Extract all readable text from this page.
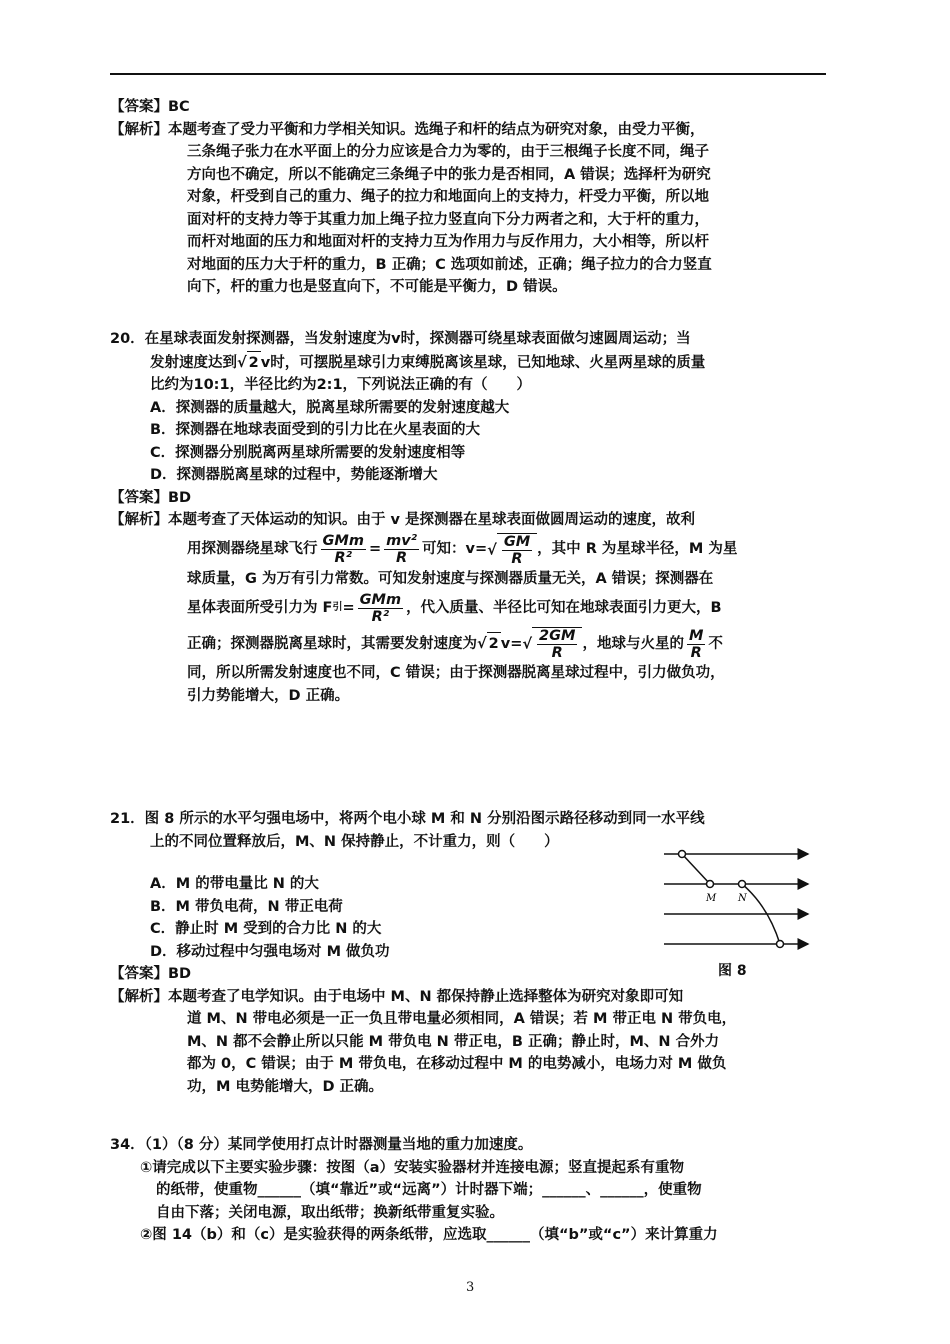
【答案】BC
【解析】本题考查了受力平衡和力学相关知识。选绳子和杆的结点为研究对象，由受力平衡，
三条绳子张力在水平面上的分力应该是合力为零的，由于三根绳子长度不同，绳子
方向也不确定，所以不能确定三条绳子中的张力是否相同，A 错误；选择杆为研究
对象，杆受到自己的重力、绳子的拉力和地面向上的支持力，杆受力平衡，所以地
面对杆的支持力等于其重力加上绳子拉力竖直向下分力两者之和，大于杆的重力，
而杆对地面的压力和地面对杆的支持力互为作用力与反作用力，大小相等，所以杆
对地面的压力大于杆的重力，B 正确；C 选项如前述，正确；绳子拉力的合力竖直
向下，杆的重力也是竖直向下，不可能是平衡力，D 错误。
20．在星球表面发射探测器，当发射速度为v时，探测器可绕星球表面做匀速圆周运动；当
发射速度达到√ 2 v时，可摆脱星球引力束缚脱离该星球，已知地球、火星两星球的质量
比约为10:1，半径比约为2:1，下列说法正确的有（　　）
A．探测器的质量越大，脱离星球所需要的发射速度越大
B．探测器在地球表面受到的引力比在火星表面的大
C．探测器分别脱离两星球所需要的发射速度相等
D．探测器脱离星球的过程中，势能逐渐增大
【答案】BD
【解析】本题考查了天体运动的知识。由于 v 是探测器在星球表面做圆周运动的速度，故利
用探测器绕星球飞行 $\frac{\text{GMm}}{\text{R²}} = \frac{\text{mv²}}{R}$ 可知：v= √ $\frac{GM}{R}$ ，其中 R 为星球半径，M 为星
球质量，G 为万有引力常数。可知发射速度与探测器质量无关，A 错误；探测器在
星体表面所受引力为 F 引 = $\frac{\text{GMm}}{\text{R²}}$ ，代入质量、半径比可知在地球表面引力更大，B
正确；探测器脱离星球时，其需要发射速度为 √ 2 v= √ $\frac{2GM}{R}$ ，地球与火星的 $\frac{M}{R}$ 不
同，所以所需发射速度也不同，C 错误；由于探测器脱离星球过程中，引力做负功，
引力势能增大，D 正确。
21．图 8 所示的水平匀强电场中，将两个电小球 M 和 N 分别沿图示路径移动到同一水平线
上的不同位置释放后，M、N 保持静止，不计重力，则（　　）
A．M 的带电量比 N 的大
B．M 带负电荷，N 带正电荷
C．静止时 M 受到的合力比 N 的大
D．移动过程中匀强电场对 M 做负功
【答案】BD
【解析】本题考查了电学知识。由于电场中 M、N 都保持静止选择整体为研究对象即可知
道 M、N 带电必须是一正一负且带电量必须相同，A 错误；若 M 带正电 N 带负电，
M、N 都不会静止所以只能 M 带负电 N 带正电，B 正确；静止时，M、N 合外力
都为 0，C 错误；由于 M 带负电，在移动过程中 M 的电势减小，电场力对 M 做负
功，M 电势能增大，D 正确。
M N
图 8
34．（1）（8 分）某同学使用打点计时器测量当地的重力加速度。
①请完成以下主要实验步骤：按图（a）安装实验器材并连接电源；竖直提起系有重物
的纸带，使重物______（填“靠近”或“远离”）计时器下端；______、______，使重物
自由下落；关闭电源，取出纸带；换新纸带重复实验。
②图 14（b）和（c）是实验获得的两条纸带，应选取______（填“b”或“c”）来计算重力
3
